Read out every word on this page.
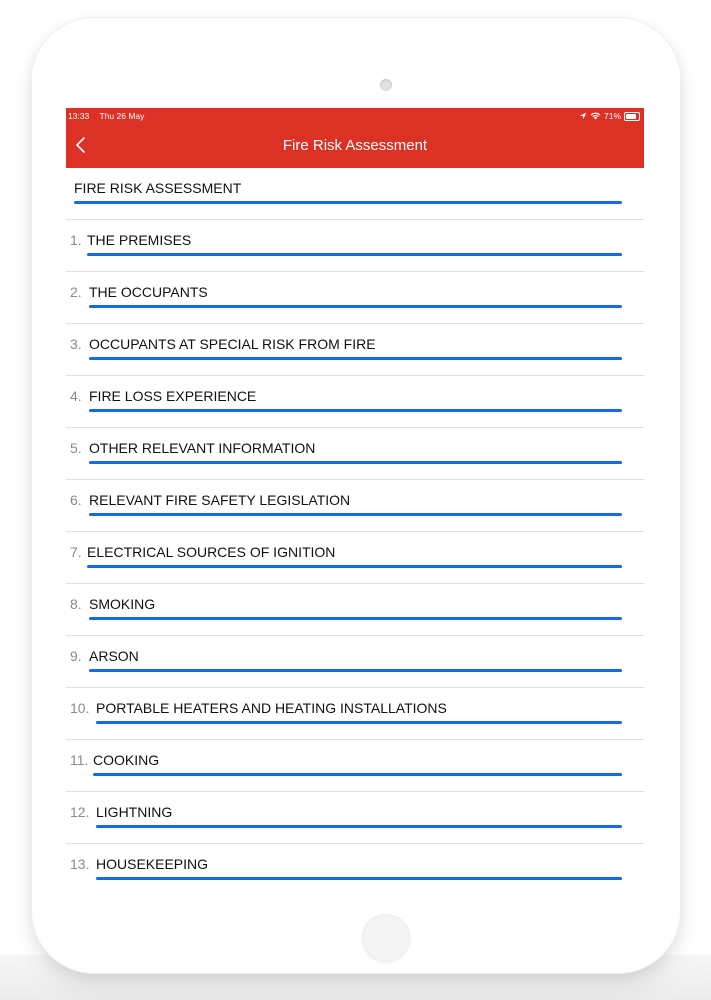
13:33 Thu 26 May	71%
Fire Risk Assessment
FIRE RISK ASSESSMENT
1. THE PREMISES
2. THE OCCUPANTS
3. OCCUPANTS AT SPECIAL RISK FROM FIRE
4. FIRE LOSS EXPERIENCE
5. OTHER RELEVANT INFORMATION
6. RELEVANT FIRE SAFETY LEGISLATION
7. ELECTRICAL SOURCES OF IGNITION
8. SMOKING
9. ARSON
10. PORTABLE HEATERS AND HEATING INSTALLATIONS
11. COOKING
12. LIGHTNING
13. HOUSEKEEPING
